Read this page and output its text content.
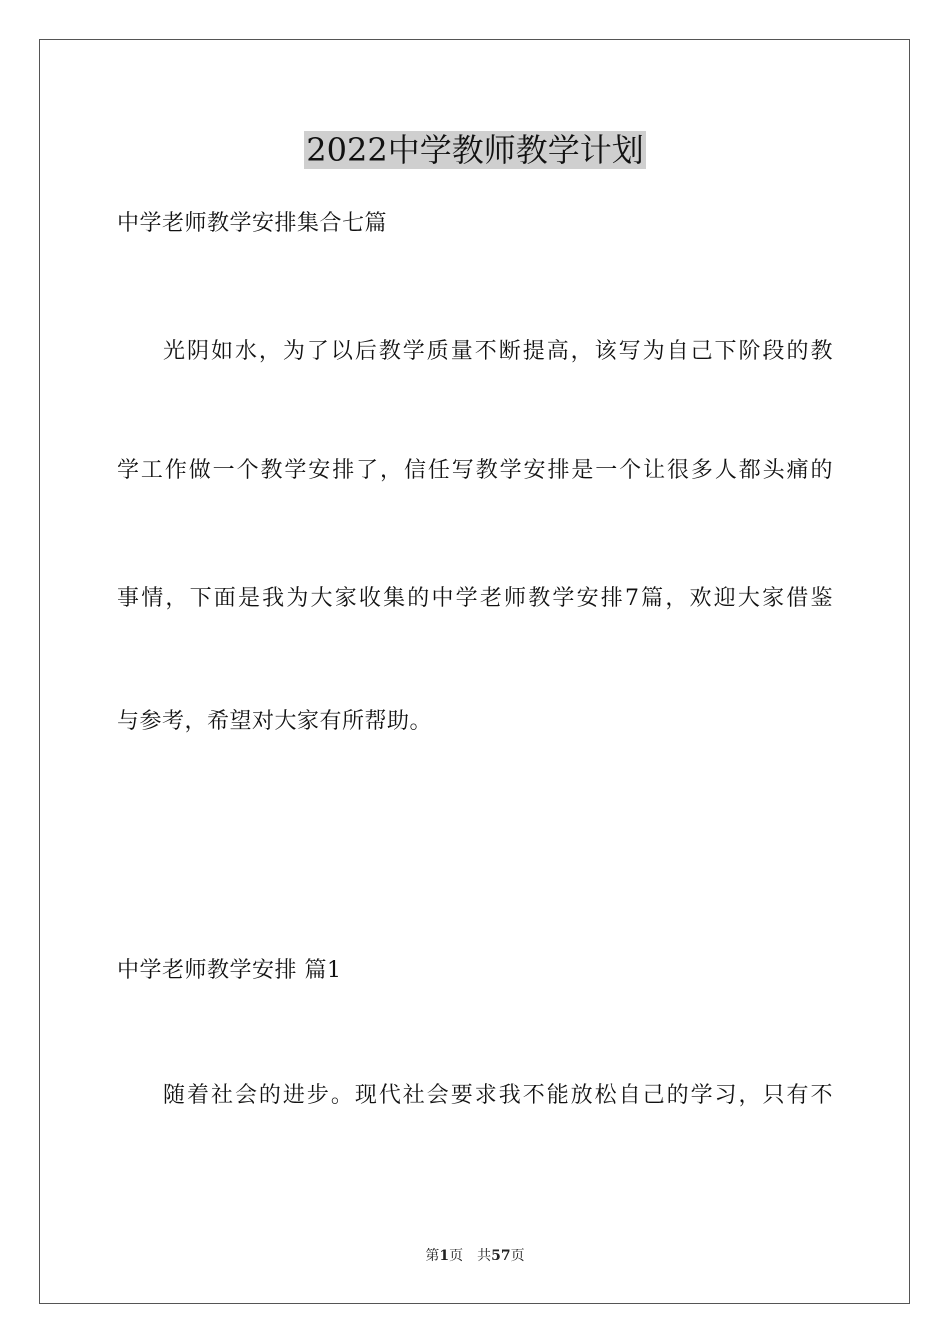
2022中学教师教学计划
中学老师教学安排集合七篇
光阴如水，为了以后教学质量不断提高，该写为自己下阶段的教
学工作做一个教学安排了，信任写教学安排是一个让很多人都头痛的
事情，下面是我为大家收集的中学老师教学安排7篇，欢迎大家借鉴
与参考，希望对大家有所帮助。
中学老师教学安排 篇1
随着社会的进步。现代社会要求我不能放松自己的学习，只有不
第1页 共57页
